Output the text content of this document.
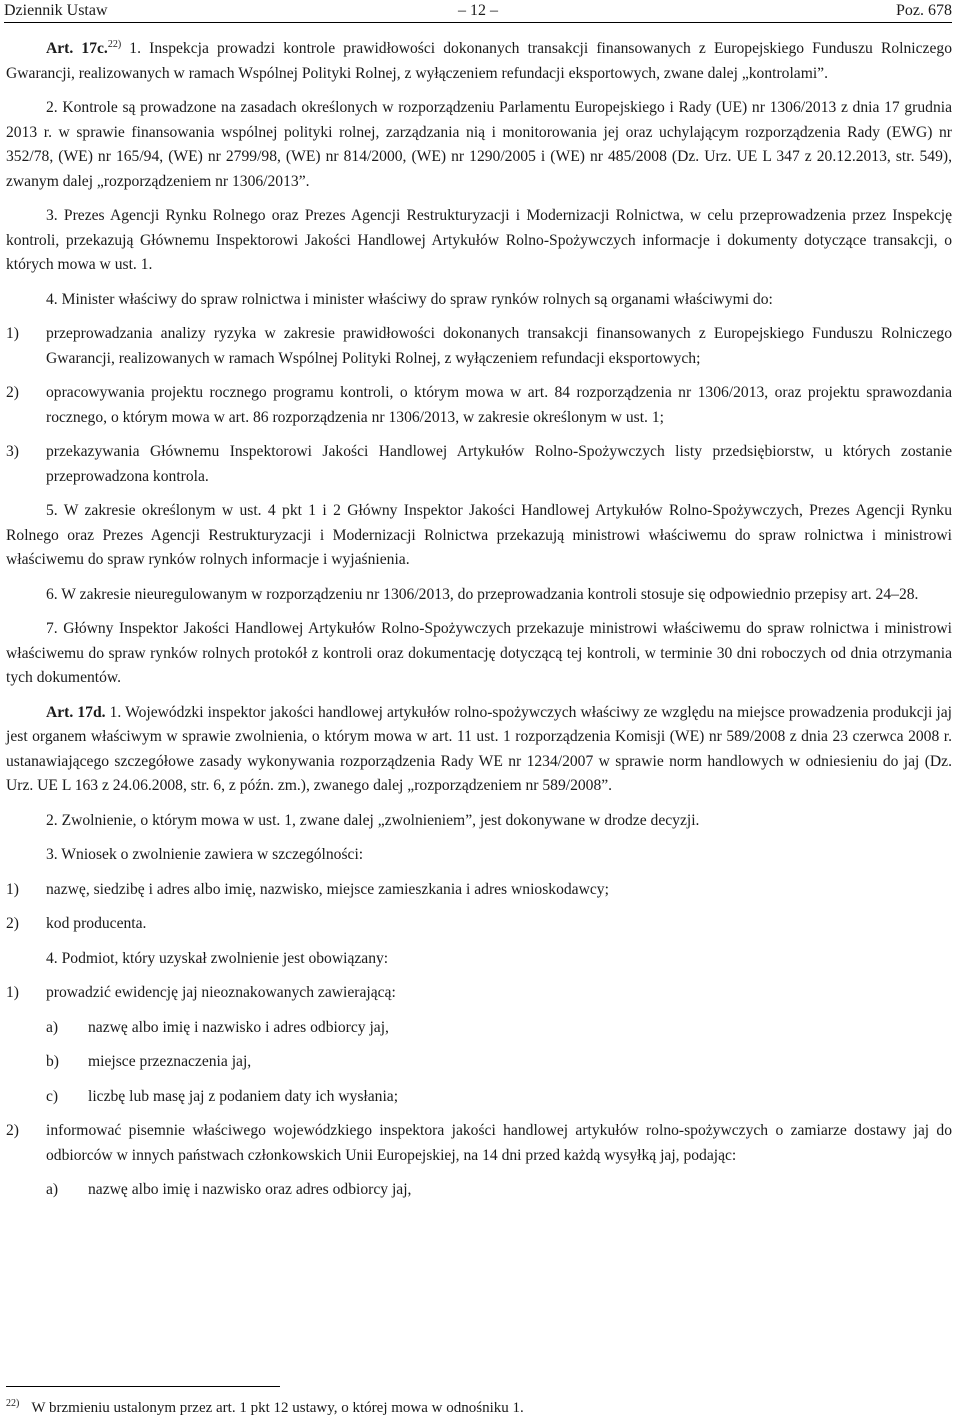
Dziennik Ustaw	– 12 –	Poz. 678

Art. 17c.$^{22)}$ 1. Inspekcja prowadzi kontrole prawidłowości dokonanych transakcji finansowanych z Europejskiego Funduszu Rolniczego Gwarancji, realizowanych w ramach Wspólnej Polityki Rolnej, z wyłączeniem refundacji eksportowych, zwane dalej „kontrolami”.

2. Kontrole są prowadzone na zasadach określonych w rozporządzeniu Parlamentu Europejskiego i Rady (UE) nr 1306/2013 z dnia 17 grudnia 2013 r. w sprawie finansowania wspólnej polityki rolnej, zarządzania nią i monitorowania jej oraz uchylającym rozporządzenia Rady (EWG) nr 352/78, (WE) nr 165/94, (WE) nr 2799/98, (WE) nr 814/2000, (WE) nr 1290/2005 i (WE) nr 485/2008 (Dz. Urz. UE L 347 z 20.12.2013, str. 549), zwanym dalej „rozporządzeniem nr 1306/2013”.

3. Prezes Agencji Rynku Rolnego oraz Prezes Agencji Restrukturyzacji i Modernizacji Rolnictwa, w celu przeprowadzenia przez Inspekcję kontroli, przekazują Głównemu Inspektorowi Jakości Handlowej Artykułów Rolno-Spożywczych informacje i dokumenty dotyczące transakcji, o których mowa w ust. 1.

4. Minister właściwy do spraw rolnictwa i minister właściwy do spraw rynków rolnych są organami właściwymi do:

1) przeprowadzania analizy ryzyka w zakresie prawidłowości dokonanych transakcji finansowanych z Europejskiego Funduszu Rolniczego Gwarancji, realizowanych w ramach Wspólnej Polityki Rolnej, z wyłączeniem refundacji eksportowych;
2) opracowywania projektu rocznego programu kontroli, o którym mowa w art. 84 rozporządzenia nr 1306/2013, oraz projektu sprawozdania rocznego, o którym mowa w art. 86 rozporządzenia nr 1306/2013, w zakresie określonym w ust. 1;
3) przekazywania Głównemu Inspektorowi Jakości Handlowej Artykułów Rolno-Spożywczych listy przedsiębiorstw, u których zostanie przeprowadzona kontrola.

5. W zakresie określonym w ust. 4 pkt 1 i 2 Główny Inspektor Jakości Handlowej Artykułów Rolno-Spożywczych, Prezes Agencji Rynku Rolnego oraz Prezes Agencji Restrukturyzacji i Modernizacji Rolnictwa przekazują ministrowi właściwemu do spraw rolnictwa i ministrowi właściwemu do spraw rynków rolnych informacje i wyjaśnienia.

6. W zakresie nieuregulowanym w rozporządzeniu nr 1306/2013, do przeprowadzania kontroli stosuje się odpowiednio przepisy art. 24–28.

7. Główny Inspektor Jakości Handlowej Artykułów Rolno-Spożywczych przekazuje ministrowi właściwemu do spraw rolnictwa i ministrowi właściwemu do spraw rynków rolnych protokół z kontroli oraz dokumentację dotyczącą tej kontroli, w terminie 30 dni roboczych od dnia otrzymania tych dokumentów.

Art. 17d. 1. Wojewódzki inspektor jakości handlowej artykułów rolno-spożywczych właściwy ze względu na miejsce prowadzenia produkcji jaj jest organem właściwym w sprawie zwolnienia, o którym mowa w art. 11 ust. 1 rozporządzenia Komisji (WE) nr 589/2008 z dnia 23 czerwca 2008 r. ustanawiającego szczegółowe zasady wykonywania rozporządzenia Rady WE nr 1234/2007 w sprawie norm handlowych w odniesieniu do jaj (Dz. Urz. UE L 163 z 24.06.2008, str. 6, z późn. zm.), zwanego dalej „rozporządzeniem nr 589/2008”.

2. Zwolnienie, o którym mowa w ust. 1, zwane dalej „zwolnieniem”, jest dokonywane w drodze decyzji.

3. Wniosek o zwolnienie zawiera w szczególności:

1) nazwę, siedzibę i adres albo imię, nazwisko, miejsce zamieszkania i adres wnioskodawcy;
2) kod producenta.

4. Podmiot, który uzyskał zwolnienie jest obowiązany:

1) prowadzić ewidencję jaj nieoznakowanych zawierającą:
a) nazwę albo imię i nazwisko i adres odbiorcy jaj,
b) miejsce przeznaczenia jaj,
c) liczbę lub masę jaj z podaniem daty ich wysłania;
2) informować pisemnie właściwego wojewódzkiego inspektora jakości handlowej artykułów rolno-spożywczych o zamiarze dostawy jaj do odbiorców w innych państwach członkowskich Unii Europejskiej, na 14 dni przed każdą wysyłką jaj, podając:
a) nazwę albo imię i nazwisko oraz adres odbiorcy jaj,
$^{22)}$ W brzmieniu ustalonym przez art. 1 pkt 12 ustawy, o której mowa w odnośniku 1.
